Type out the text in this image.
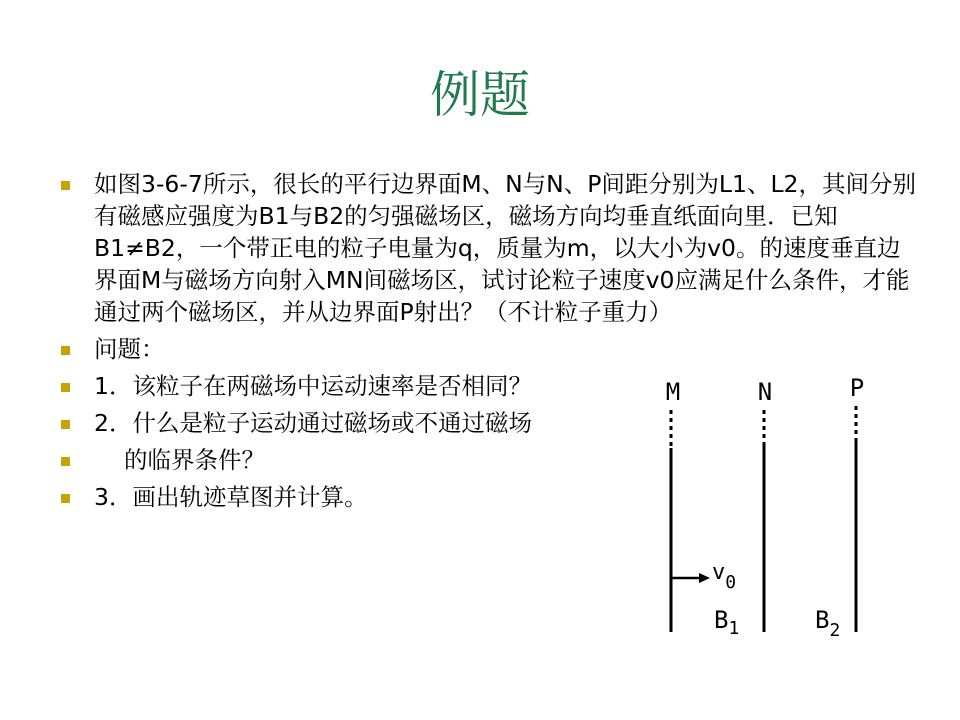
例题
如图3-6-7所示，很长的平行边界面M、N与N、P间距分别为L1、L2，其间分别有磁感应强度为B1与B2的匀强磁场区，磁场方向均垂直纸面向里．已知B1≠B2，一个带正电的粒子电量为q，质量为m，以大小为v0。的速度垂直边界面M与磁场方向射入MN间磁场区，试讨论粒子速度v0应满足什么条件，才能通过两个磁场区，并从边界面P射出？（不计粒子重力）
问题：
1．该粒子在两磁场中运动速率是否相同？
2．什么是粒子运动通过磁场或不通过磁场
的临界条件？
3．画出轨迹草图并计算。
M	N	P
$v_0$
$B_1$	$B_2$
